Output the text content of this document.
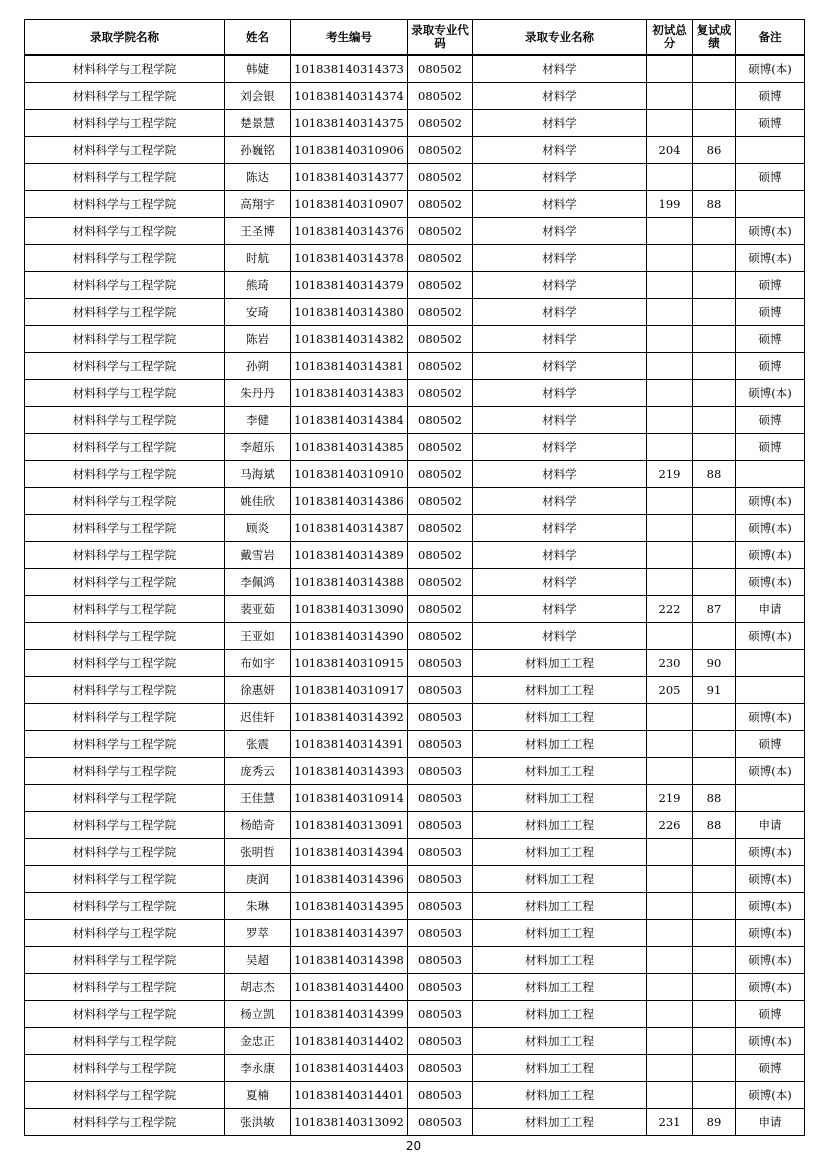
录取学院名称	姓名	考生编号	录取专业代码	录取专业名称	初试总分	复试成绩	备注
材料科学与工程学院	韩婕	101838140314373	080502	材料学			硕博(本)
材料科学与工程学院	刘会银	101838140314374	080502	材料学			硕博
材料科学与工程学院	楚景慧	101838140314375	080502	材料学			硕博
材料科学与工程学院	孙巍铭	101838140310906	080502	材料学	204	86	
材料科学与工程学院	陈达	101838140314377	080502	材料学			硕博
材料科学与工程学院	高翔宇	101838140310907	080502	材料学	199	88	
材料科学与工程学院	王圣博	101838140314376	080502	材料学			硕博(本)
材料科学与工程学院	时航	101838140314378	080502	材料学			硕博(本)
材料科学与工程学院	熊琦	101838140314379	080502	材料学			硕博
材料科学与工程学院	安琦	101838140314380	080502	材料学			硕博
材料科学与工程学院	陈岩	101838140314382	080502	材料学			硕博
材料科学与工程学院	孙朔	101838140314381	080502	材料学			硕博
材料科学与工程学院	朱丹丹	101838140314383	080502	材料学			硕博(本)
材料科学与工程学院	李健	101838140314384	080502	材料学			硕博
材料科学与工程学院	李超乐	101838140314385	080502	材料学			硕博
材料科学与工程学院	马海斌	101838140310910	080502	材料学	219	88	
材料科学与工程学院	姚佳欣	101838140314386	080502	材料学			硕博(本)
材料科学与工程学院	顾炎	101838140314387	080502	材料学			硕博(本)
材料科学与工程学院	戴雪岩	101838140314389	080502	材料学			硕博(本)
材料科学与工程学院	李佩鸿	101838140314388	080502	材料学			硕博(本)
材料科学与工程学院	裴亚茹	101838140313090	080502	材料学	222	87	申请
材料科学与工程学院	王亚如	101838140314390	080502	材料学			硕博(本)
材料科学与工程学院	布如宇	101838140310915	080503	材料加工工程	230	90	
材料科学与工程学院	徐惠妍	101838140310917	080503	材料加工工程	205	91	
材料科学与工程学院	迟佳轩	101838140314392	080503	材料加工工程			硕博(本)
材料科学与工程学院	张震	101838140314391	080503	材料加工工程			硕博
材料科学与工程学院	庞秀云	101838140314393	080503	材料加工工程			硕博(本)
材料科学与工程学院	王佳慧	101838140310914	080503	材料加工工程	219	88	
材料科学与工程学院	杨皓奇	101838140313091	080503	材料加工工程	226	88	申请
材料科学与工程学院	张明哲	101838140314394	080503	材料加工工程			硕博(本)
材料科学与工程学院	庚润	101838140314396	080503	材料加工工程			硕博(本)
材料科学与工程学院	朱琳	101838140314395	080503	材料加工工程			硕博(本)
材料科学与工程学院	罗萃	101838140314397	080503	材料加工工程			硕博(本)
材料科学与工程学院	吴超	101838140314398	080503	材料加工工程			硕博(本)
材料科学与工程学院	胡志杰	101838140314400	080503	材料加工工程			硕博(本)
材料科学与工程学院	杨立凯	101838140314399	080503	材料加工工程			硕博
材料科学与工程学院	金忠正	101838140314402	080503	材料加工工程			硕博(本)
材料科学与工程学院	李永康	101838140314403	080503	材料加工工程			硕博
材料科学与工程学院	夏楠	101838140314401	080503	材料加工工程			硕博(本)
材料科学与工程学院	张洪敏	101838140313092	080503	材料加工工程	231	89	申请
20
